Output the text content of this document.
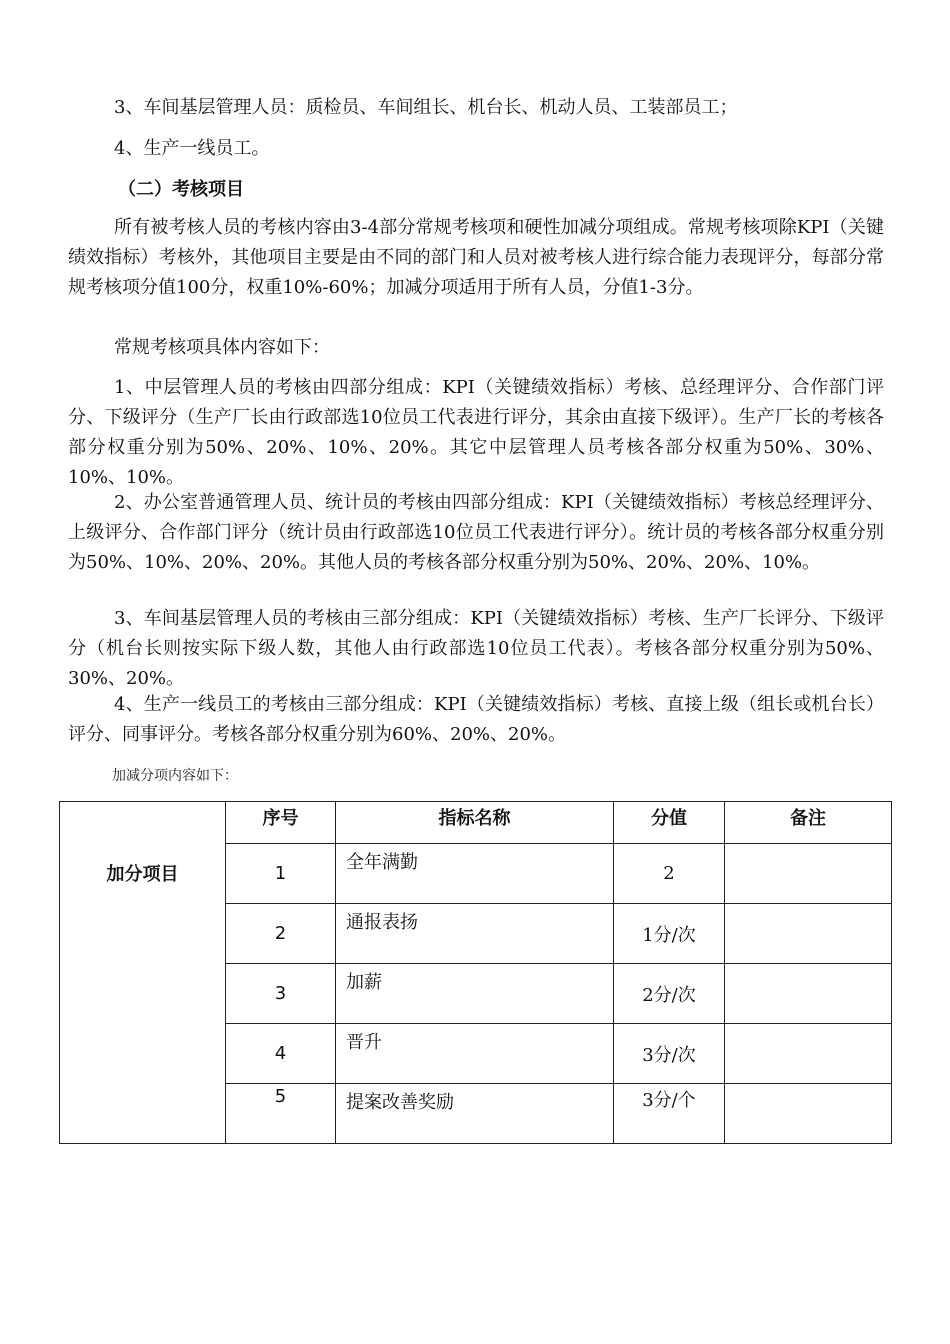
3、车间基层管理人员：质检员、车间组长、机台长、机动人员、工装部员工；

4、生产一线员工。

（二）考核项目

所有被考核人员的考核内容由3-4部分常规考核项和硬性加减分项组成。常规考核项除KPI（关键绩效指标）考核外，其他项目主要是由不同的部门和人员对被考核人进行综合能力表现评分，每部分常规考核项分值100分，权重10%-60%；加减分项适用于所有人员，分值1-3分。

常规考核项具体内容如下：

1、中层管理人员的考核由四部分组成：KPI（关键绩效指标）考核、总经理评分、合作部门评分、下级评分（生产厂长由行政部选10位员工代表进行评分，其余由直接下级评）。生产厂长的考核各部分权重分别为50%、20%、10%、20%。其它中层管理人员考核各部分权重为50%、30%、10%、10%。

2、办公室普通管理人员、统计员的考核由四部分组成：KPI（关键绩效指标）考核总经理评分、上级评分、合作部门评分（统计员由行政部选10位员工代表进行评分）。统计员的考核各部分权重分别为50%、10%、20%、20%。其他人员的考核各部分权重分别为50%、20%、20%、10%。

3、车间基层管理人员的考核由三部分组成：KPI（关键绩效指标）考核、生产厂长评分、下级评分（机台长则按实际下级人数，其他人由行政部选10位员工代表）。考核各部分权重分别为50%、30%、20%。

4、生产一线员工的考核由三部分组成：KPI（关键绩效指标）考核、直接上级（组长或机台长）评分、同事评分。考核各部分权重分别为60%、20%、20%。

加减分项内容如下：

加分项目	序号	指标名称	分值	备注
	1	全年满勤	2	
	2	通报表扬	1分/次	
	3	加薪	2分/次	
	4	晋升	3分/次	
	5	提案改善奖励	3分/个	
